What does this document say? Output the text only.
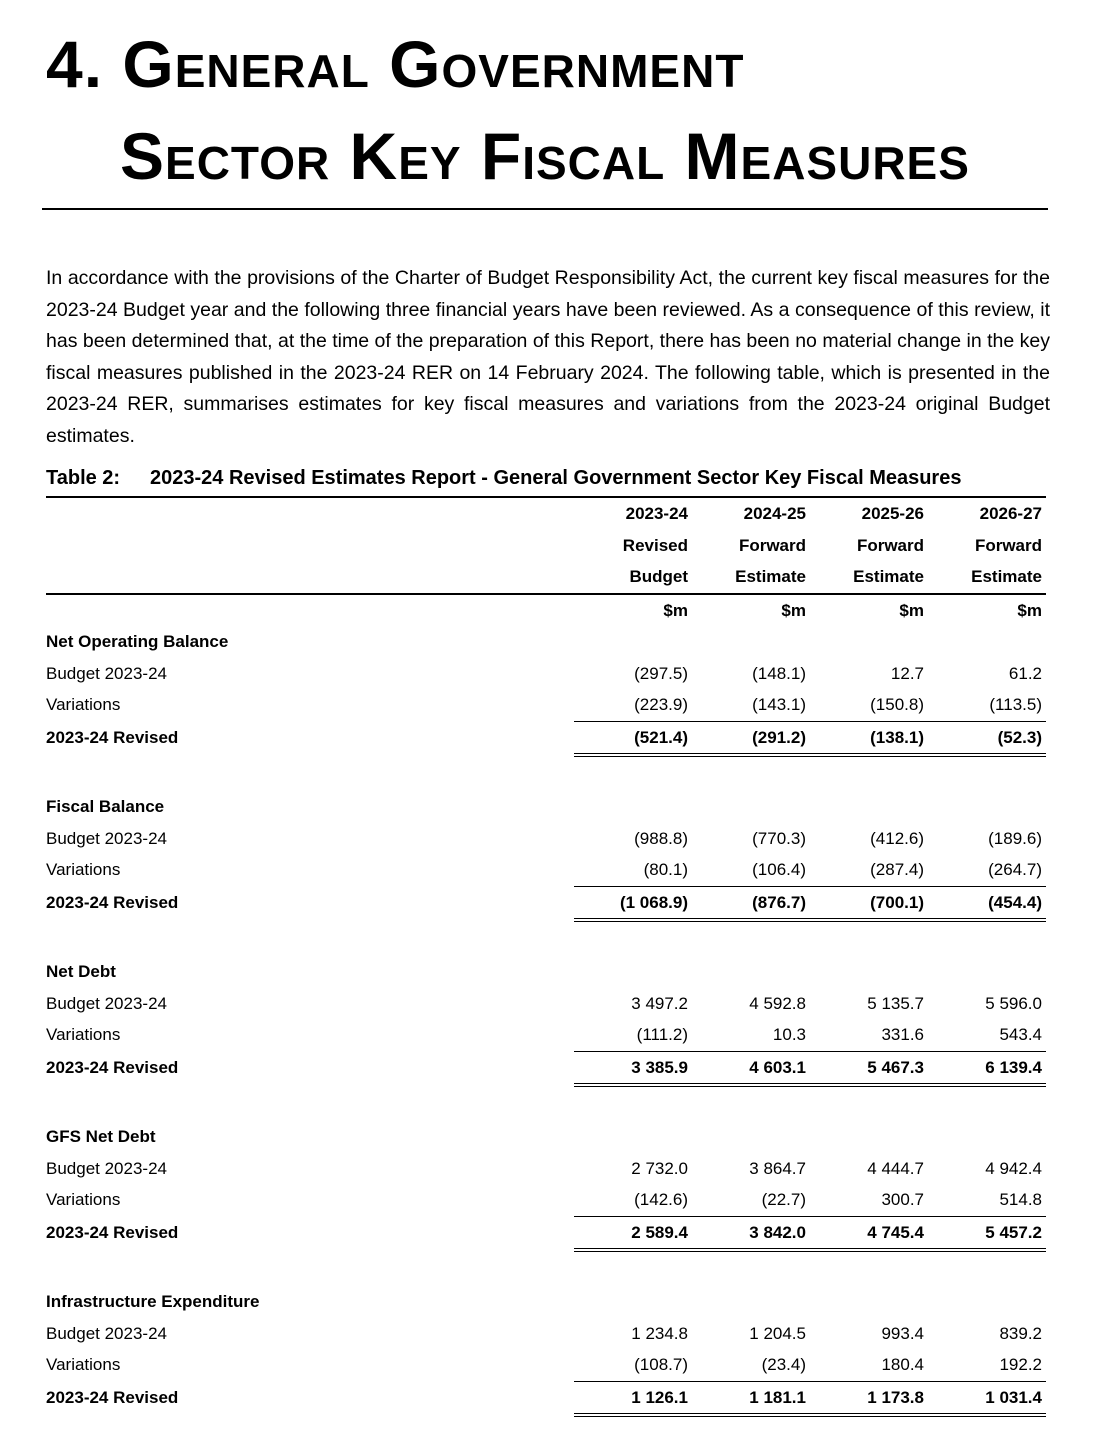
4. General Government
Sector Key Fiscal Measures

In accordance with the provisions of the Charter of Budget Responsibility Act, the current key fiscal measures for the 2023-24 Budget year and the following three financial years have been reviewed. As a consequence of this review, it has been determined that, at the time of the preparation of this Report, there has been no material change in the key fiscal measures published in the 2023-24 RER on 14 February 2024. The following table, which is presented in the 2023-24 RER, summarises estimates for key fiscal measures and variations from the 2023-24 original Budget estimates.

Table 2:	2023-24 Revised Estimates Report - General Government Sector Key Fiscal Measures
	2023-24	2024-25	2025-26	2026-27
	Revised	Forward	Forward	Forward
	Budget	Estimate	Estimate	Estimate
	$m	$m	$m	$m
Net Operating Balance				
Budget 2023-24	(297.5)	(148.1)	12.7	61.2
Variations	(223.9)	(143.1)	(150.8)	(113.5)
2023-24 Revised	(521.4)	(291.2)	(138.1)	(52.3)

Fiscal Balance				
Budget 2023-24	(988.8)	(770.3)	(412.6)	(189.6)
Variations	(80.1)	(106.4)	(287.4)	(264.7)
2023-24 Revised	(1 068.9)	(876.7)	(700.1)	(454.4)

Net Debt				
Budget 2023-24	3 497.2	4 592.8	5 135.7	5 596.0
Variations	(111.2)	10.3	331.6	543.4
2023-24 Revised	3 385.9	4 603.1	5 467.3	6 139.4

GFS Net Debt				
Budget 2023-24	2 732.0	3 864.7	4 444.7	4 942.4
Variations	(142.6)	(22.7)	300.7	514.8
2023-24 Revised	2 589.4	3 842.0	4 745.4	5 457.2

Infrastructure Expenditure				
Budget 2023-24	1 234.8	1 204.5	993.4	839.2
Variations	(108.7)	(23.4)	180.4	192.2
2023-24 Revised	1 126.1	1 181.1	1 173.8	1 031.4
